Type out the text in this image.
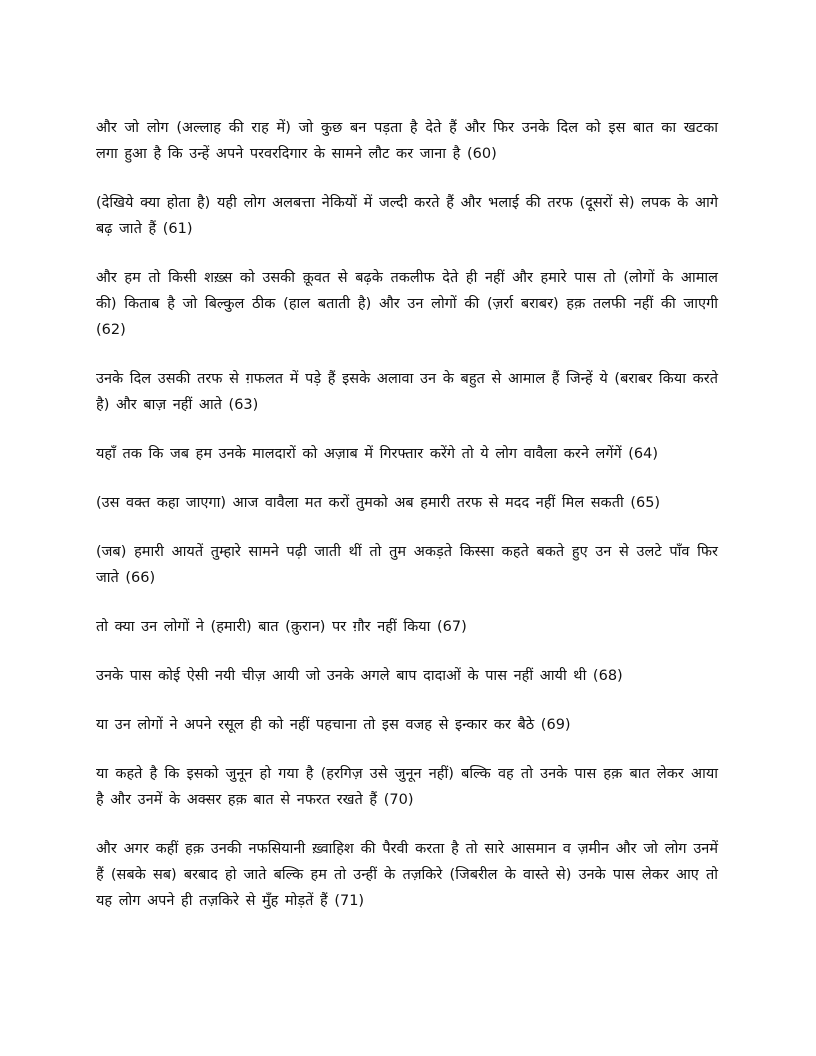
और जो लोग (अल्लाह की राह में) जो कुछ बन पड़ता है देते हैं और फिर उनके दिल को इस बात का खटका लगा हुआ है कि उन्हें अपने परवरदिगार के सामने लौट कर जाना है (60)

(देखिये क्या होता है) यही लोग अलबत्ता नेकियों में जल्दी करते हैं और भलाई की तरफ (दूसरों से) लपक के आगे बढ़ जाते हैं (61)

और हम तो किसी शख़्स को उसकी क़ूवत से बढ़के तकलीफ देते ही नहीं और हमारे पास तो (लोगों के आमाल की) किताब है जो बिल्कुल ठीक (हाल बताती है) और उन लोगों की (ज़र्रा बराबर) हक़ तलफी नहीं की जाएगी (62)

उनके दिल उसकी तरफ से ग़फलत में पड़े हैं इसके अलावा उन के बहुत से आमाल हैं जिन्हें ये (बराबर किया करते है) और बाज़ नहीं आते (63)

यहाँ तक कि जब हम उनके मालदारों को अज़ाब में गिरफ्तार करेंगे तो ये लोग वावैला करने लगेंगें (64)

(उस वक्त कहा जाएगा) आज वावैला मत करों तुमको अब हमारी तरफ से मदद नहीं मिल सकती (65)

(जब) हमारी आयतें तुम्हारे सामने पढ़ी जाती थीं तो तुम अकड़ते किस्सा कहते बकते हुए उन से उलटे पाँव फिर जाते (66)

तो क्या उन लोगों ने (हमारी) बात (क़ुरान) पर ग़ौर नहीं किया (67)

उनके पास कोई ऐसी नयी चीज़ आयी जो उनके अगले बाप दादाओं के पास नहीं आयी थी (68)

या उन लोगों ने अपने रसूल ही को नहीं पहचाना तो इस वजह से इन्कार कर बैठे (69)

या कहते है कि इसको जुनून हो गया है (हरगिज़ उसे जुनून नहीं) बल्कि वह तो उनके पास हक़ बात लेकर आया है और उनमें के अक्सर हक़ बात से नफरत रखते हैं (70)

और अगर कहीं हक़ उनकी नफसियानी ख़्वाहिश की पैरवी करता है तो सारे आसमान व ज़मीन और जो लोग उनमें हैं (सबके सब) बरबाद हो जाते बल्कि हम तो उन्हीं के तज़किरे (जिबरील के वास्ते से) उनके पास लेकर आए तो यह लोग अपने ही तज़किरे से मुँह मोड़तें हैं (71)
